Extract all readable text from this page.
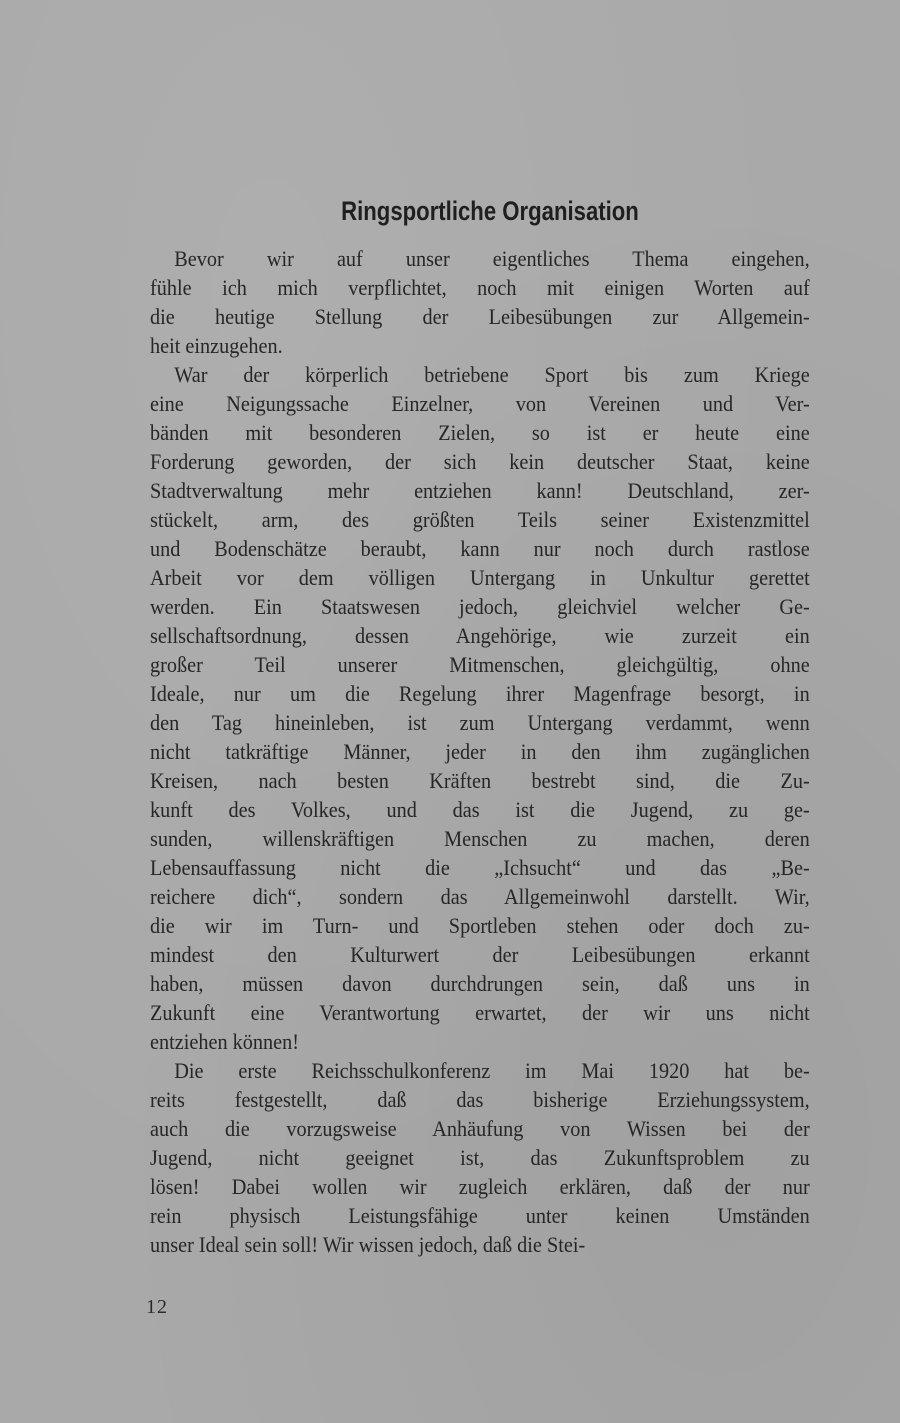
Ringsportliche Organisation
Bevor wir auf unser eigentliches Thema eingehen,
fühle ich mich verpflichtet, noch mit einigen Worten auf
die heutige Stellung der Leibesübungen zur Allgemein-
heit einzugehen.
War der körperlich betriebene Sport bis zum Kriege
eine Neigungssache Einzelner, von Vereinen und Ver-
bänden mit besonderen Zielen, so ist er heute eine
Forderung geworden, der sich kein deutscher Staat, keine
Stadtverwaltung mehr entziehen kann! Deutschland, zer-
stückelt, arm, des größten Teils seiner Existenzmittel
und Bodenschätze beraubt, kann nur noch durch rastlose
Arbeit vor dem völligen Untergang in Unkultur gerettet
werden. Ein Staatswesen jedoch, gleichviel welcher Ge-
sellschaftsordnung, dessen Angehörige, wie zurzeit ein
großer Teil unserer Mitmenschen, gleichgültig, ohne
Ideale, nur um die Regelung ihrer Magenfrage besorgt, in
den Tag hineinleben, ist zum Untergang verdammt, wenn
nicht tatkräftige Männer, jeder in den ihm zugänglichen
Kreisen, nach besten Kräften bestrebt sind, die Zu-
kunft des Volkes, und das ist die Jugend, zu ge-
sunden, willenskräftigen Menschen zu machen, deren
Lebensauffassung nicht die „Ichsucht“ und das „Be-
reichere dich“, sondern das Allgemeinwohl darstellt. Wir,
die wir im Turn- und Sportleben stehen oder doch zu-
mindest den Kulturwert der Leibesübungen erkannt
haben, müssen davon durchdrungen sein, daß uns in
Zukunft eine Verantwortung erwartet, der wir uns nicht
entziehen können!
Die erste Reichsschulkonferenz im Mai 1920 hat be-
reits festgestellt, daß das bisherige Erziehungssystem,
auch die vorzugsweise Anhäufung von Wissen bei der
Jugend, nicht geeignet ist, das Zukunftsproblem zu
lösen! Dabei wollen wir zugleich erklären, daß der nur
rein physisch Leistungsfähige unter keinen Umständen
unser Ideal sein soll! Wir wissen jedoch, daß die Stei-
12
